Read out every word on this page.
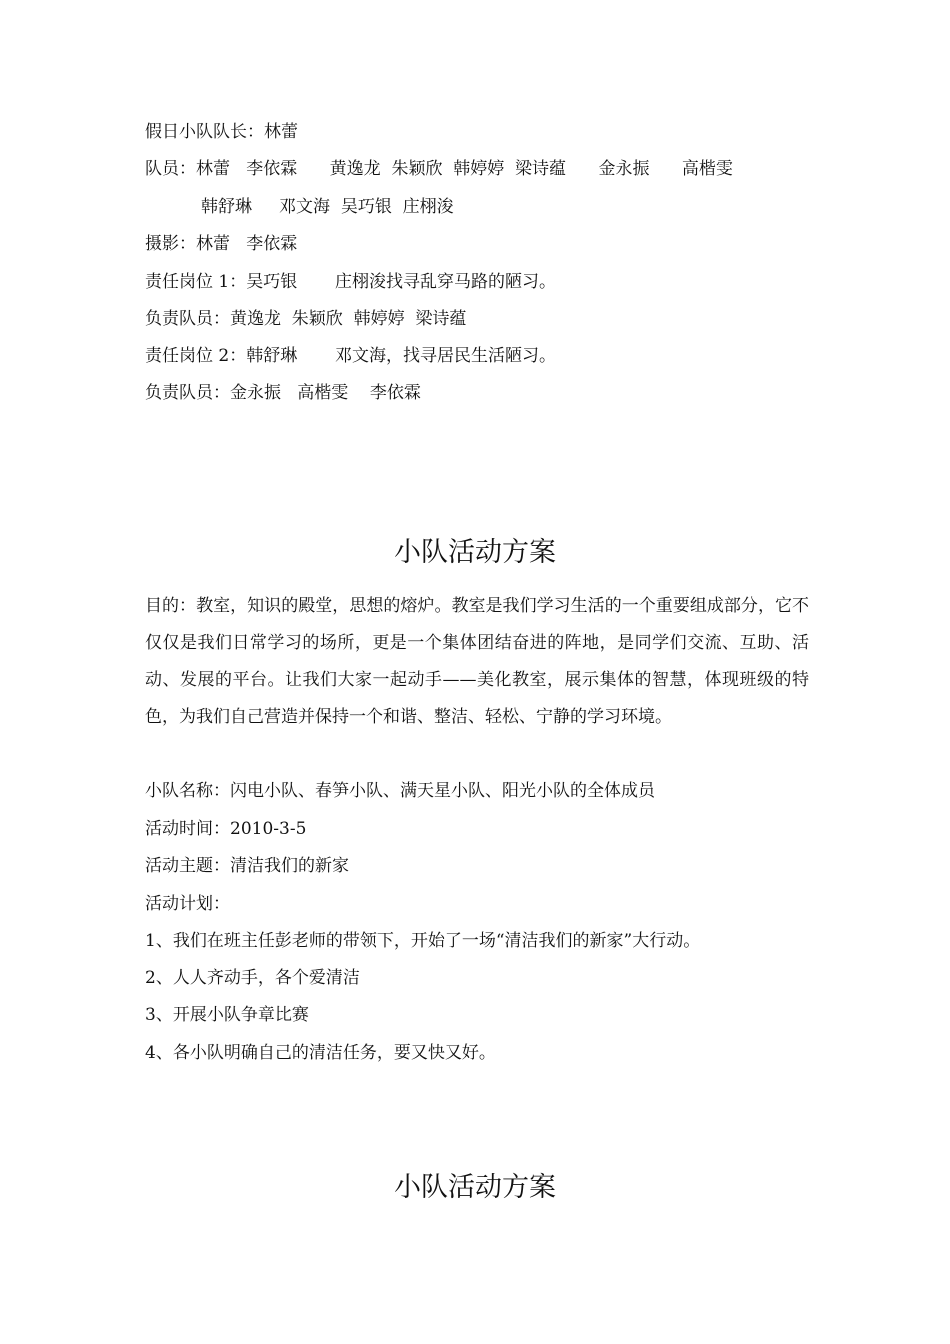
假日小队队长：林蕾

队员：林蕾   李依霖      黄逸龙  朱颖欣  韩婷婷  梁诗蕴      金永振      高楷雯

韩舒琳     邓文海  吴巧银  庄栩浚

摄影：林蕾   李依霖

责任岗位 1：吴巧银       庄栩浚找寻乱穿马路的陋习。

负责队员：黄逸龙  朱颖欣  韩婷婷  梁诗蕴

责任岗位 2：韩舒琳       邓文海，找寻居民生活陋习。

负责队员：金永振   高楷雯    李依霖

小队活动方案

目的：教室，知识的殿堂，思想的熔炉。教室是我们学习生活的一个重要组成部分，它不仅仅是我们日常学习的场所，更是一个集体团结奋进的阵地，是同学们交流、互助、活动、发展的平台。让我们大家一起动手——美化教室，展示集体的智慧，体现班级的特色，为我们自己营造并保持一个和谐、整洁、轻松、宁静的学习环境。

小队名称：闪电小队、春笋小队、满天星小队、阳光小队的全体成员

活动时间：2010-3-5

活动主题：清洁我们的新家

活动计划：

1、我们在班主任彭老师的带领下，开始了一场“清洁我们的新家”大行动。

2、人人齐动手，各个爱清洁

3、开展小队争章比赛

4、各小队明确自己的清洁任务，要又快又好。

小队活动方案
